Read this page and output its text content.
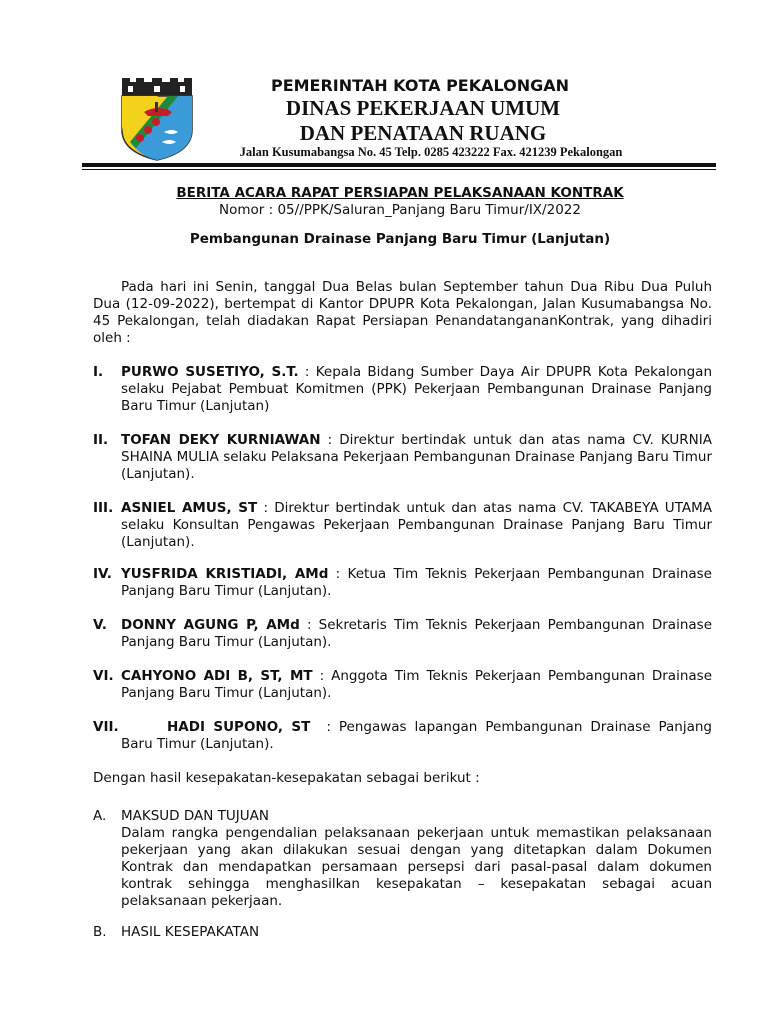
PEMERINTAH KOTA PEKALONGAN
DINAS PEKERJAAN UMUM
DAN PENATAAN RUANG
Jalan Kusumabangsa No. 45 Telp. 0285 423222 Fax. 421239 Pekalongan
BERITA ACARA RAPAT PERSIAPAN PELAKSANAAN KONTRAK
Nomor : 05//PPK/Saluran_Panjang Baru Timur/IX/2022
Pembangunan Drainase Panjang Baru Timur (Lanjutan)
Pada hari ini Senin, tanggal Dua Belas bulan September tahun Dua Ribu Dua Puluh Dua (12-09-2022), bertempat di Kantor DPUPR Kota Pekalongan, Jalan Kusumabangsa No. 45 Pekalongan, telah diadakan Rapat Persiapan PenandatangananKontrak, yang dihadiri oleh :
I. PURWO SUSETIYO, S.T. : Kepala Bidang Sumber Daya Air DPUPR Kota Pekalongan selaku Pejabat Pembuat Komitmen (PPK) Pekerjaan Pembangunan Drainase Panjang Baru Timur (Lanjutan)
II. TOFAN DEKY KURNIAWAN : Direktur bertindak untuk dan atas nama CV. KURNIA SHAINA MULIA selaku Pelaksana Pekerjaan Pembangunan Drainase Panjang Baru Timur (Lanjutan).
III. ASNIEL AMUS, ST : Direktur bertindak untuk dan atas nama CV. TAKABEYA UTAMA selaku Konsultan Pengawas Pekerjaan Pembangunan Drainase Panjang Baru Timur (Lanjutan).
IV. YUSFRIDA KRISTIADI, AMd : Ketua Tim Teknis Pekerjaan Pembangunan Drainase Panjang Baru Timur (Lanjutan).
V. DONNY AGUNG P, AMd : Sekretaris Tim Teknis Pekerjaan Pembangunan Drainase Panjang Baru Timur (Lanjutan).
VI. CAHYONO ADI B, ST, MT : Anggota Tim Teknis Pekerjaan Pembangunan Drainase Panjang Baru Timur (Lanjutan).
VII.	HADI SUPONO, ST  : Pengawas lapangan Pembangunan Drainase Panjang Baru Timur (Lanjutan).
Dengan hasil kesepakatan-kesepakatan sebagai berikut :
A. MAKSUD DAN TUJUAN
Dalam rangka pengendalian pelaksanaan pekerjaan untuk memastikan pelaksanaan pekerjaan yang akan dilakukan sesuai dengan yang ditetapkan dalam Dokumen Kontrak dan mendapatkan persamaan persepsi dari pasal-pasal dalam dokumen kontrak sehingga menghasilkan kesepakatan – kesepakatan sebagai acuan pelaksanaan pekerjaan.
B. HASIL KESEPAKATAN
